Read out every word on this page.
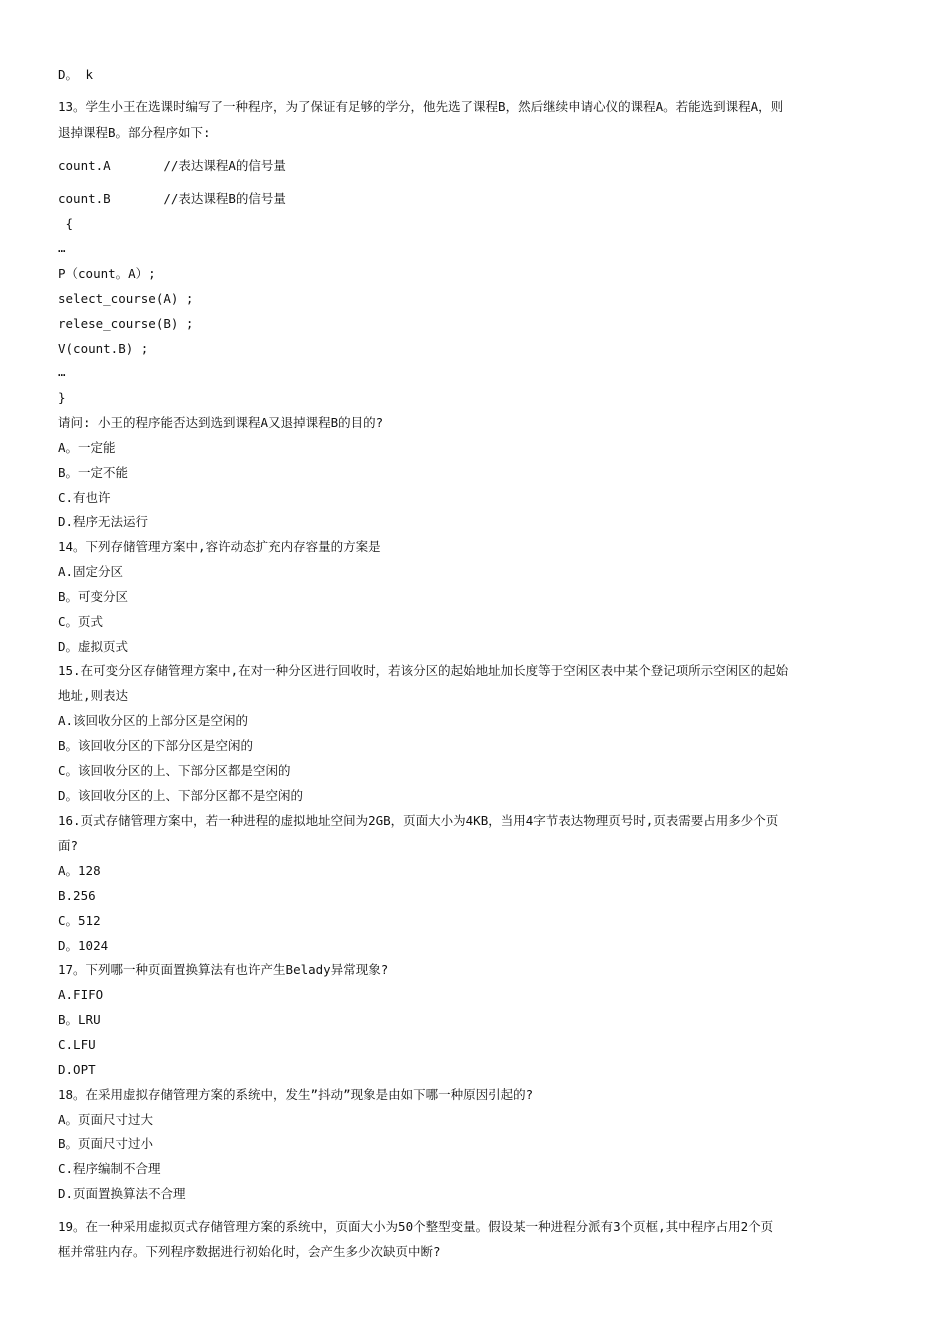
D。 k
13。学生小王在选课时编写了一种程序，为了保证有足够的学分，他先选了课程B，然后继续申请心仪的课程A。若能选到课程A，则
退掉课程B。部分程序如下:
count.A       //表达课程A的信号量
count.B       //表达课程B的信号量
{
…
P（count。A）;
select_course(A) ;
relese_course(B) ;
V(count.B) ;
…
}
请问: 小王的程序能否达到选到课程A又退掉课程B的目的?
A。一定能
B。一定不能
C.有也许
D.程序无法运行
14。下列存储管理方案中,容许动态扩充内存容量的方案是
A.固定分区
B。可变分区
C。页式
D。虚拟页式
15.在可变分区存储管理方案中,在对一种分区进行回收时，若该分区的起始地址加长度等于空闲区表中某个登记项所示空闲区的起始
地址,则表达
A.该回收分区的上部分区是空闲的
B。该回收分区的下部分区是空闲的
C。该回收分区的上、下部分区都是空闲的
D。该回收分区的上、下部分区都不是空闲的
16.页式存储管理方案中，若一种进程的虚拟地址空间为2GB，页面大小为4KB，当用4字节表达物理页号时,页表需要占用多少个页
面?
A。128
B.256
C。512
D。1024
17。下列哪一种页面置换算法有也许产生Belady异常现象?
A.FIFO
B。LRU
C.LFU
D.OPT
18。在采用虚拟存储管理方案的系统中，发生”抖动”现象是由如下哪一种原因引起的?
A。页面尺寸过大
B。页面尺寸过小
C.程序编制不合理
D.页面置换算法不合理
19。在一种采用虚拟页式存储管理方案的系统中，页面大小为50个整型变量。假设某一种进程分派有3个页框,其中程序占用2个页
框并常驻内存。下列程序数据进行初始化时，会产生多少次缺页中断?
